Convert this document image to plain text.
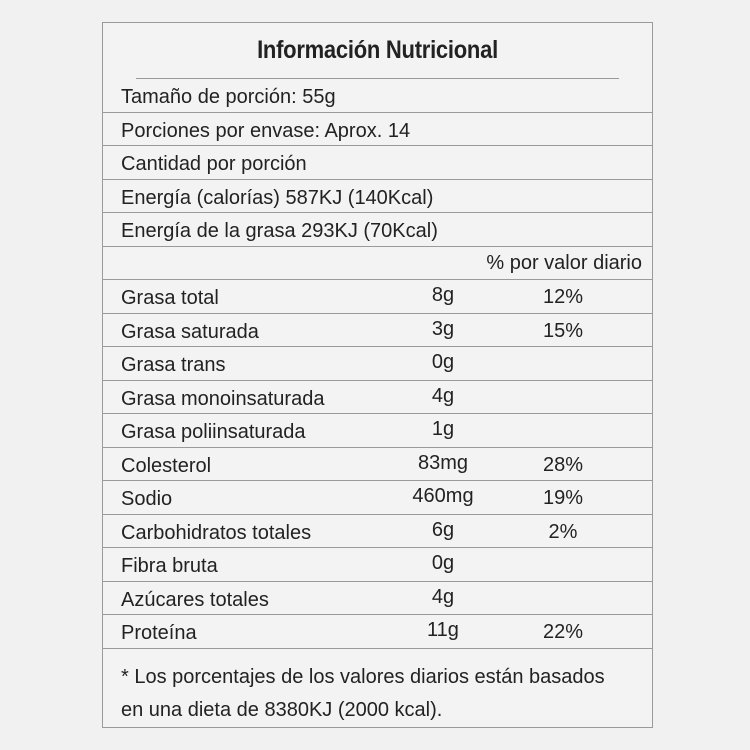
Información Nutricional
Tamaño de porción: 55g
Porciones por envase: Aprox. 14
Cantidad por porción
Energía (calorías) 587KJ (140Kcal)
Energía de la grasa 293KJ (70Kcal)
% por valor diario
Grasa total	8g	12%
Grasa saturada	3g	15%
Grasa trans	0g
Grasa monoinsaturada	4g
Grasa poliinsaturada	1g
Colesterol	83mg	28%
Sodio	460mg	19%
Carbohidratos totales	6g	2%
Fibra bruta	0g
Azúcares totales	4g
Proteína	11g	22%
* Los porcentajes de los valores diarios están basados
en una dieta de 8380KJ (2000 kcal).
